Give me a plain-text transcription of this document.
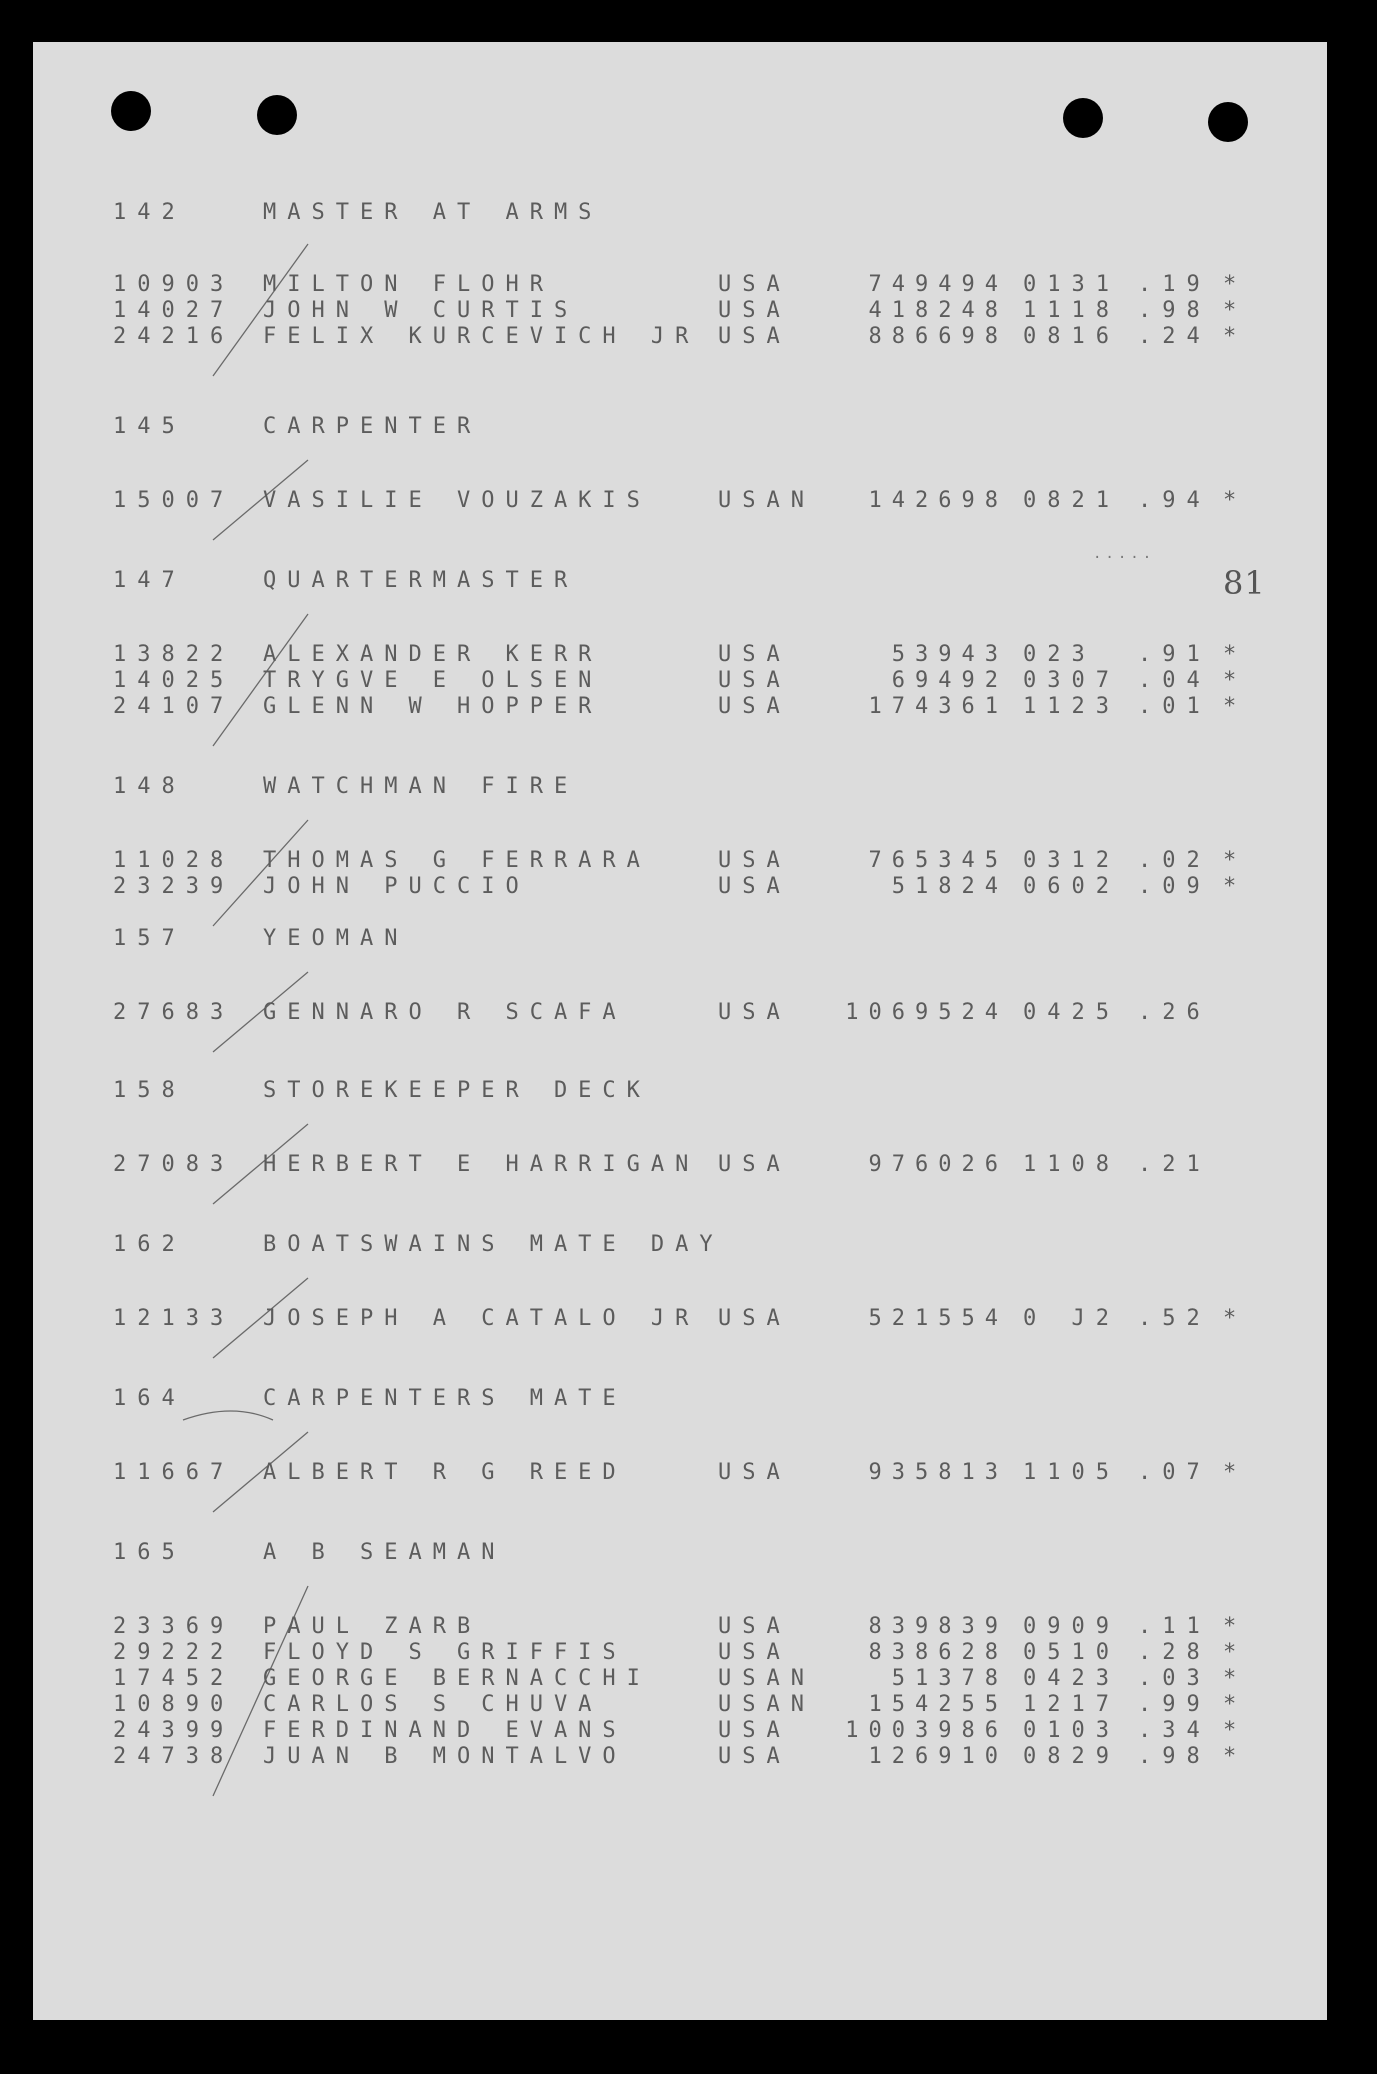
.....
81
142	MASTER AT ARMS
10903 MILTON FLOHR	USA	749494 0131 .19 *
14027 JOHN W CURTIS	USA	418248 1118 .98 *
24216 FELIX KURCEVICH JR USA	886698 0816 .24 *
145	CARPENTER
15007 VASILIE VOUZAKIS	USAN	142698 0821 .94 *
147	QUARTERMASTER
13822 ALEXANDER KERR	USA	53943 023 .91 *
14025 TRYGVE E OLSEN	USA	69492 0307 .04 *
24107 GLENN W HOPPER	USA	174361 1123 .01 *
148	WATCHMAN FIRE
11028 THOMAS G FERRARA	USA	765345 0312 .02 *
23239 JOHN PUCCIO	USA	51824 0602 .09 *
157	YEOMAN
27683 GENNARO R SCAFA	USA	1069524 0425 .26
158	STOREKEEPER DECK
27083 HERBERT E HARRIGAN USA	976026 1108 .21
162	BOATSWAINS MATE DAY
12133 JOSEPH A CATALO JR USA	521554 0 J2 .52 *
164	CARPENTERS MATE
11667 ALBERT R G REED	USA	935813 1105 .07 *
165	A B SEAMAN
23369 PAUL ZARB	USA	839839 0909 .11 *
29222 FLOYD S GRIFFIS	USA	838628 0510 .28 *
17452 GEORGE BERNACCHI	USAN	51378 0423 .03 *
10890 CARLOS S CHUVA	USAN	154255 1217 .99 *
24399 FERDINAND EVANS	USA	1003986 0103 .34 *
24738 JUAN B MONTALVO	USA	126910 0829 .98 *
